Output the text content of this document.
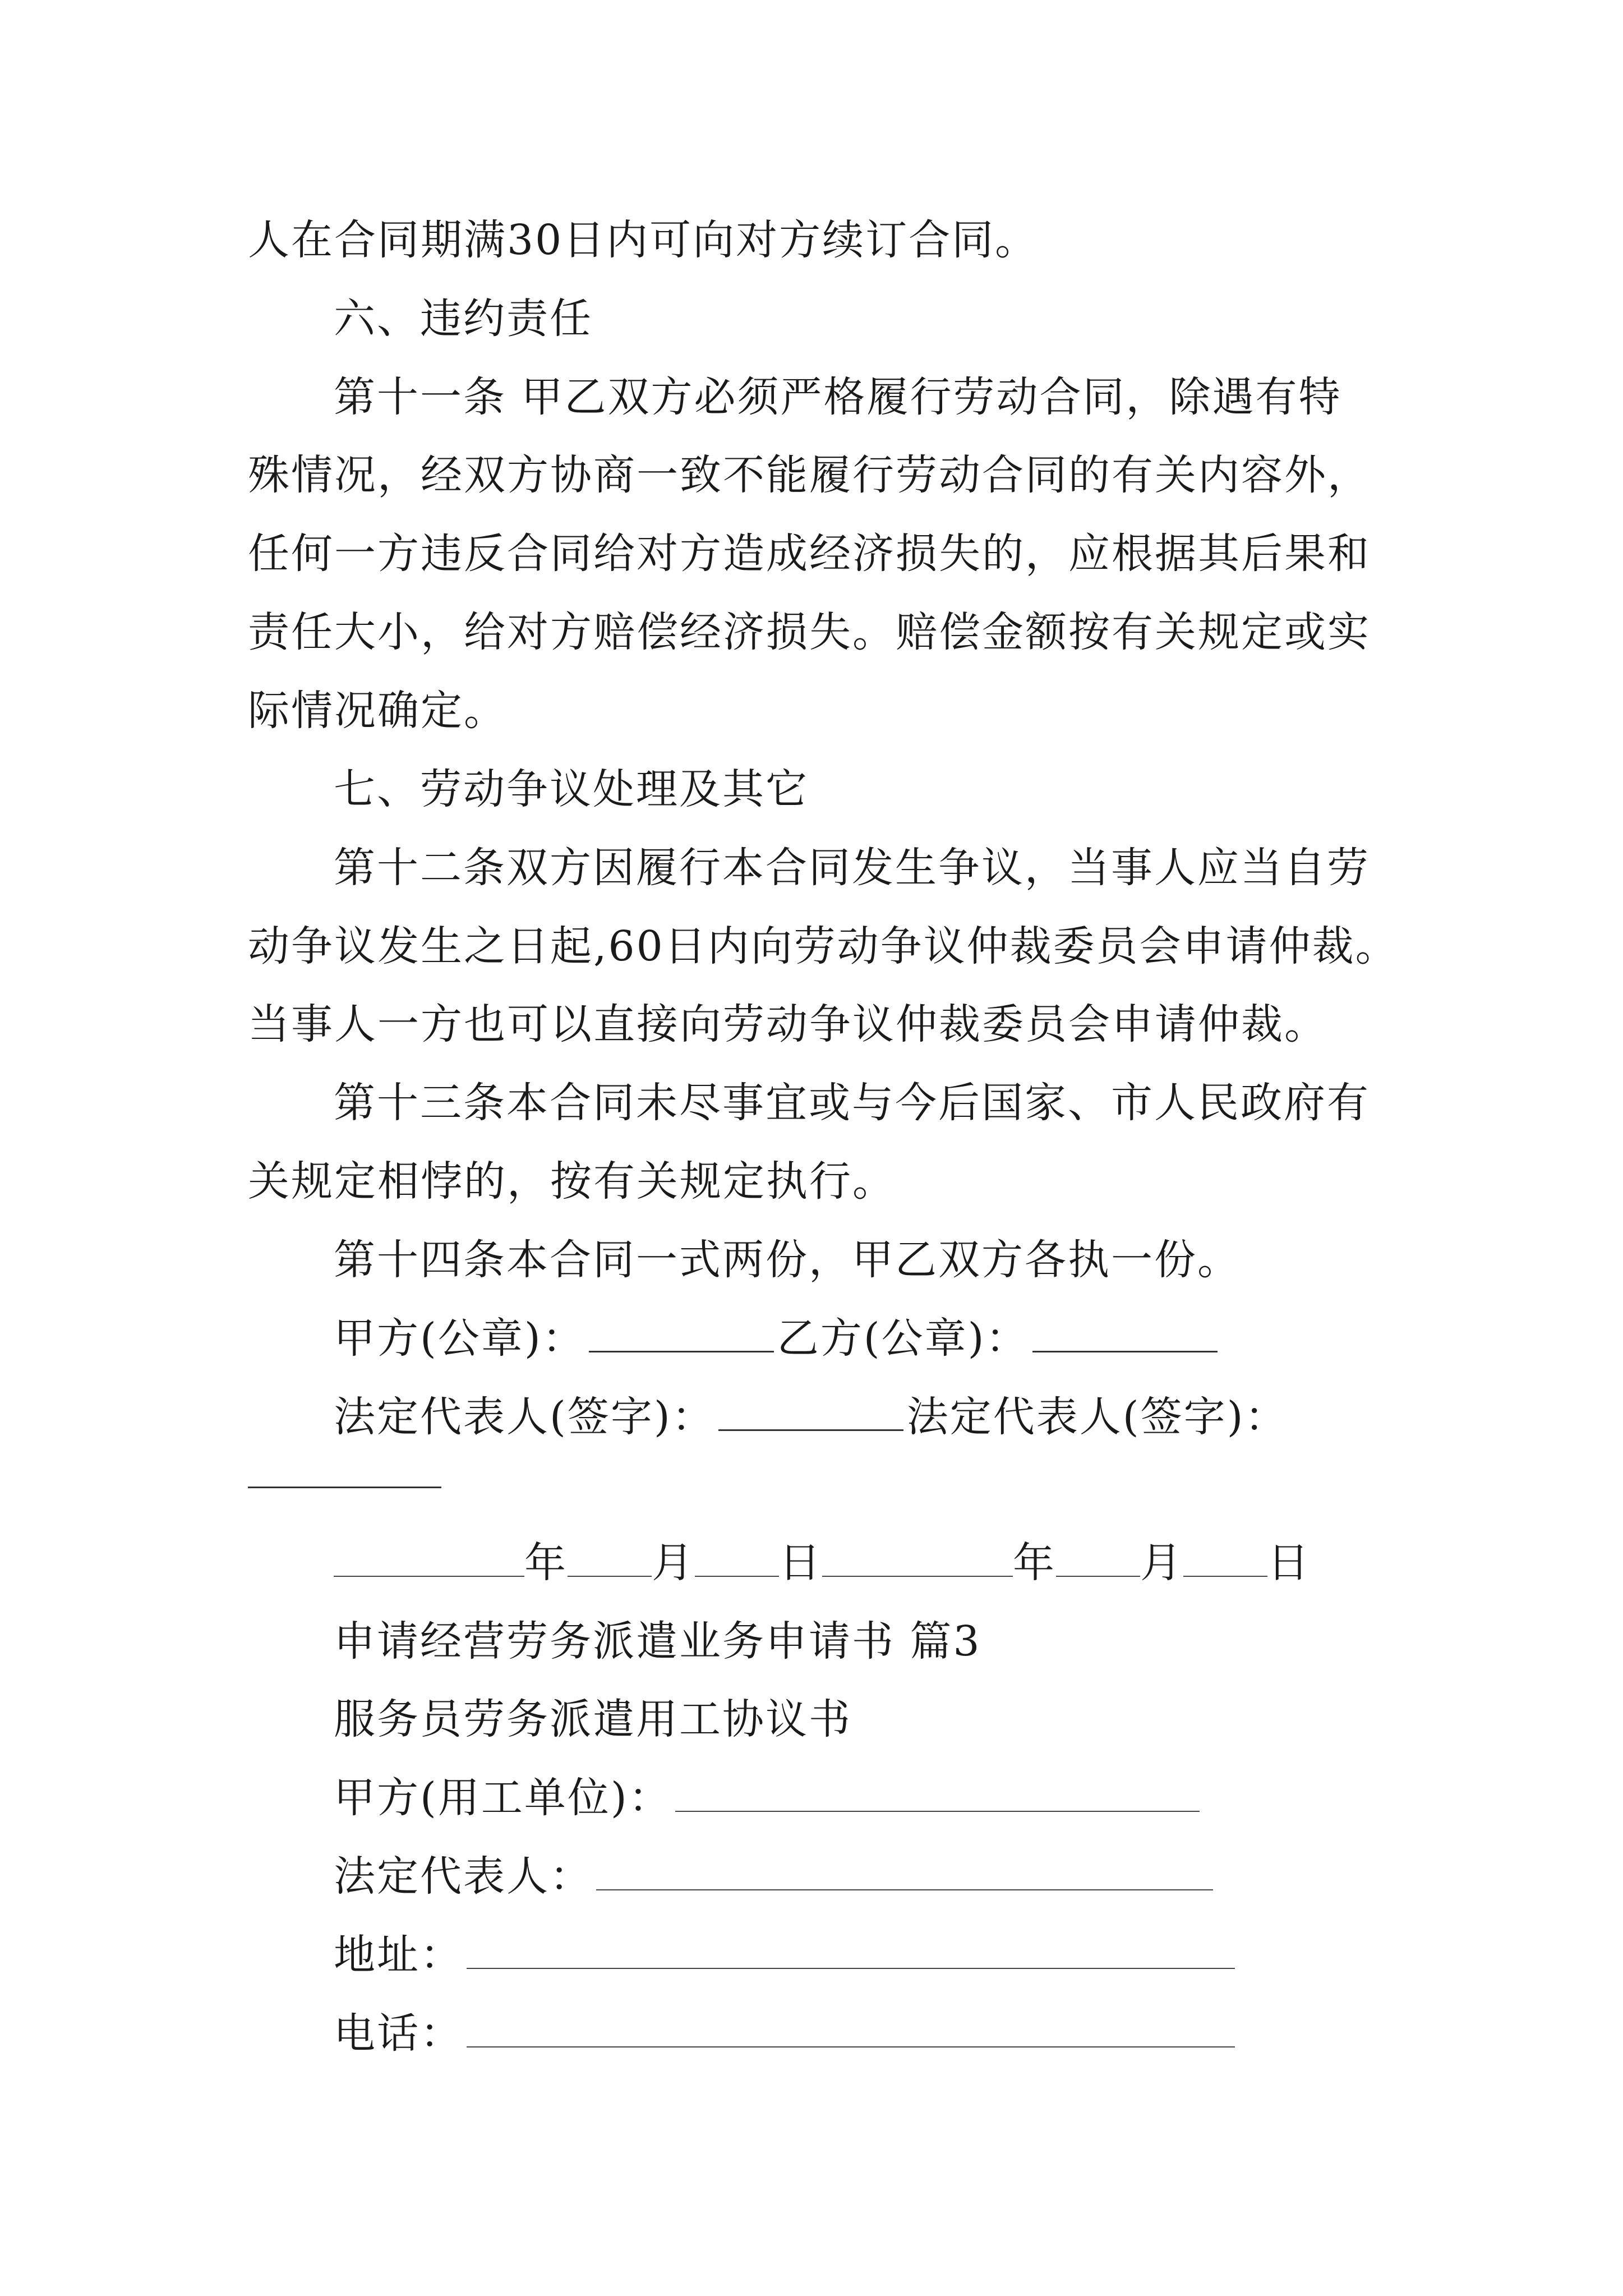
人在合同期满30日内可向对方续订合同。
六、违约责任
第十一条 甲乙双方必须严格履行劳动合同，除遇有特
殊情况，经双方协商一致不能履行劳动合同的有关内容外，
任何一方违反合同给对方造成经济损失的，应根据其后果和
责任大小，给对方赔偿经济损失。赔偿金额按有关规定或实
际情况确定。
七、劳动争议处理及其它
第十二条双方因履行本合同发生争议，当事人应当自劳
动争议发生之日起,60日内向劳动争议仲裁委员会申请仲裁。
当事人一方也可以直接向劳动争议仲裁委员会申请仲裁。
第十三条本合同未尽事宜或与今后国家、市人民政府有
关规定相悖的，按有关规定执行。
第十四条本合同一式两份，甲乙双方各执一份。
甲方(公章)：	乙方(公章)：
法定代表人(签字)：	法定代表人(签字)：
年 月 日	年 月 日
申请经营劳务派遣业务申请书 篇3
服务员劳务派遣用工协议书
甲方(用工单位)：
法定代表人：
地址：
电话：
